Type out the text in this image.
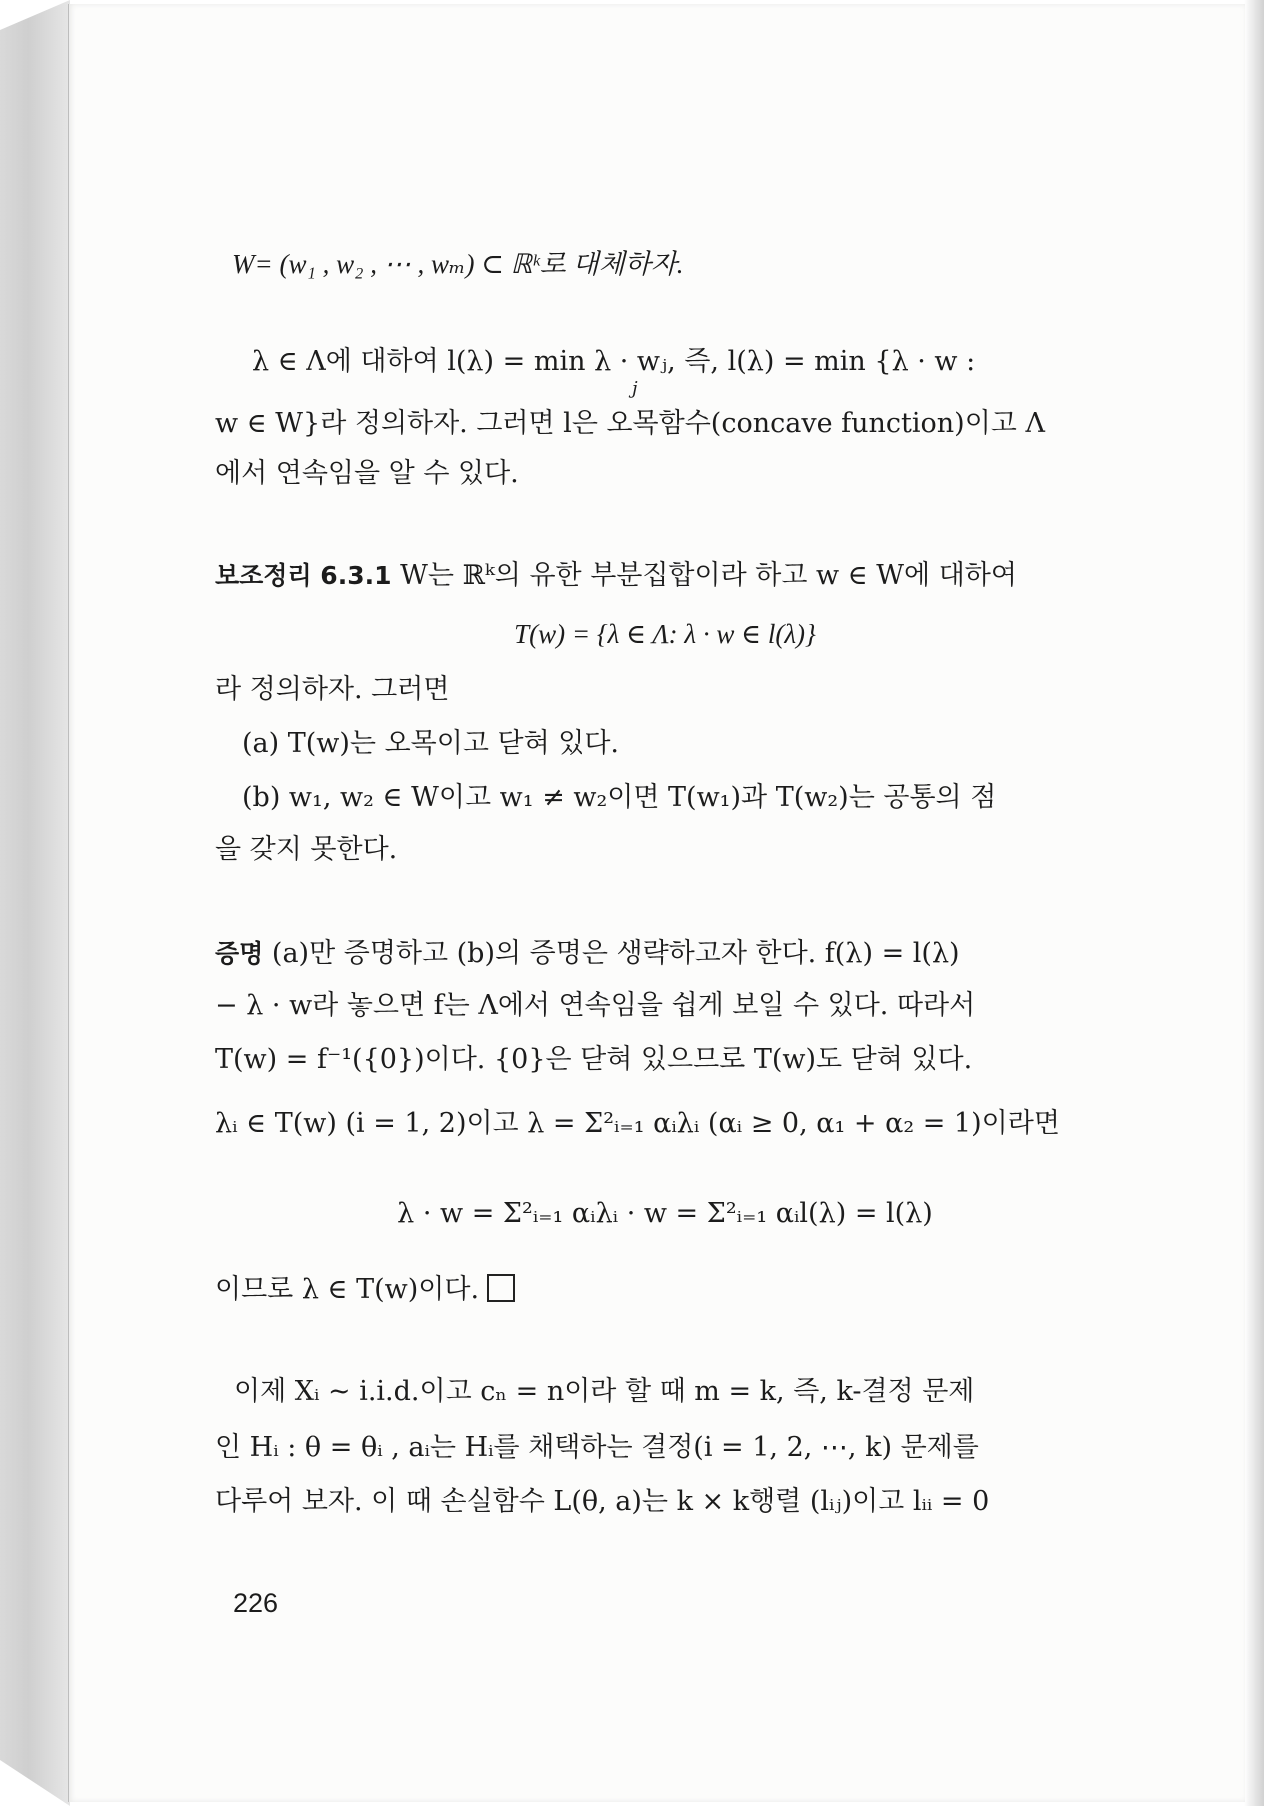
W= (w₁ , w₂ , ⋯ , wₘ) ⊂ ℝᵏ로 대체하자.
λ ∈ Λ에 대하여 l(λ) = min λ · wⱼ, 즉, l(λ) = min {λ · w :
j
w ∈ W}라 정의하자. 그러면 l은 오목함수(concave function)이고 Λ
에서 연속임을 알 수 있다.
보조정리 6.3.1 W는 ℝᵏ의 유한 부분집합이라 하고 w ∈ W에 대하여
T(w) = {λ ∈ Λ: λ · w ∈ l(λ)}
라 정의하자. 그러면
(a) T(w)는 오목이고 닫혀 있다.
(b) w₁, w₂ ∈ W이고 w₁ ≠ w₂이면 T(w₁)과 T(w₂)는 공통의 점
을 갖지 못한다.
증명 (a)만 증명하고 (b)의 증명은 생략하고자 한다. f(λ) = l(λ)
− λ · w라 놓으면 f는 Λ에서 연속임을 쉽게 보일 수 있다. 따라서
T(w) = f⁻¹({0})이다. {0}은 닫혀 있으므로 T(w)도 닫혀 있다.
λᵢ ∈ T(w) (i = 1, 2)이고 λ = Σ²ᵢ₌₁ αᵢλᵢ (αᵢ ≥ 0, α₁ + α₂ = 1)이라면
λ · w = Σ²ᵢ₌₁ αᵢλᵢ · w = Σ²ᵢ₌₁ αᵢl(λ) = l(λ)
이므로 λ ∈ T(w)이다.
이제 Xᵢ ~ i.i.d.이고 cₙ = n이라 할 때 m = k, 즉, k-결정 문제
인 Hᵢ : θ = θᵢ , aᵢ는 Hᵢ를 채택하는 결정(i = 1, 2, ⋯, k) 문제를
다루어 보자. 이 때 손실함수 L(θ, a)는 k × k행렬 (lᵢⱼ)이고 lᵢᵢ = 0
226
